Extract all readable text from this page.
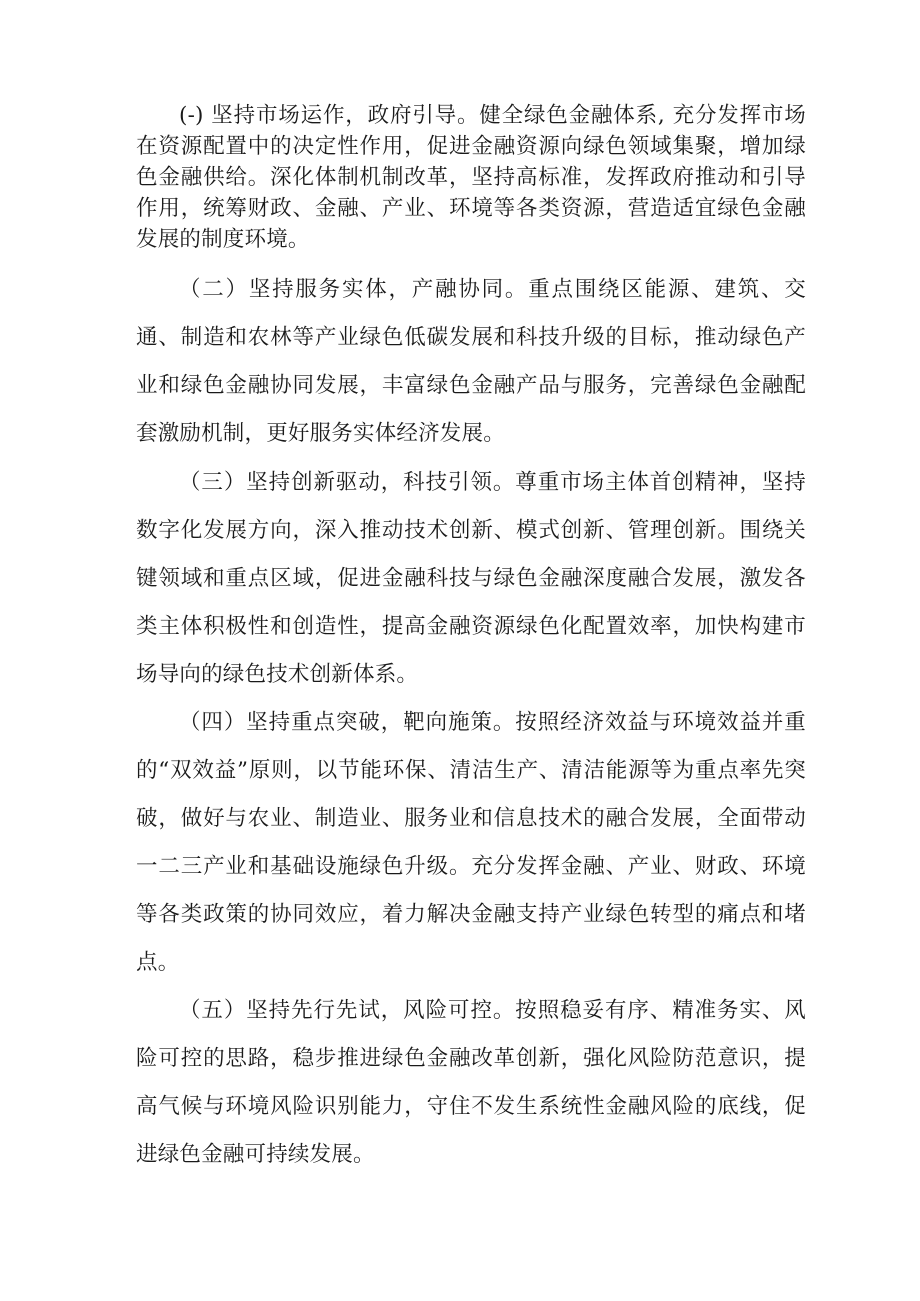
(-) 坚持市场运作，政府引导。健全绿色金融体系, 充分发挥市场在资源配置中的决定性作用，促进金融资源向绿色领域集聚，增加绿色金融供给。深化体制机制改革，坚持高标准，发挥政府推动和引导作用，统筹财政、金融、产业、环境等各类资源，营造适宜绿色金融发展的制度环境。

（二）坚持服务实体，产融协同。重点围绕区能源、建筑、交通、制造和农林等产业绿色低碳发展和科技升级的目标，推动绿色产业和绿色金融协同发展，丰富绿色金融产品与服务，完善绿色金融配套激励机制，更好服务实体经济发展。

（三）坚持创新驱动，科技引领。尊重市场主体首创精神，坚持数字化发展方向，深入推动技术创新、模式创新、管理创新。围绕关键领域和重点区域，促进金融科技与绿色金融深度融合发展，激发各类主体积极性和创造性，提高金融资源绿色化配置效率，加快构建市场导向的绿色技术创新体系。

（四）坚持重点突破，靶向施策。按照经济效益与环境效益并重的“双效益”原则，以节能环保、清洁生产、清洁能源等为重点率先突破，做好与农业、制造业、服务业和信息技术的融合发展，全面带动一二三产业和基础设施绿色升级。充分发挥金融、产业、财政、环境等各类政策的协同效应，着力解决金融支持产业绿色转型的痛点和堵点。

（五）坚持先行先试，风险可控。按照稳妥有序、精准务实、风险可控的思路，稳步推进绿色金融改革创新，强化风险防范意识，提高气候与环境风险识别能力，守住不发生系统性金融风险的底线，促进绿色金融可持续发展。
